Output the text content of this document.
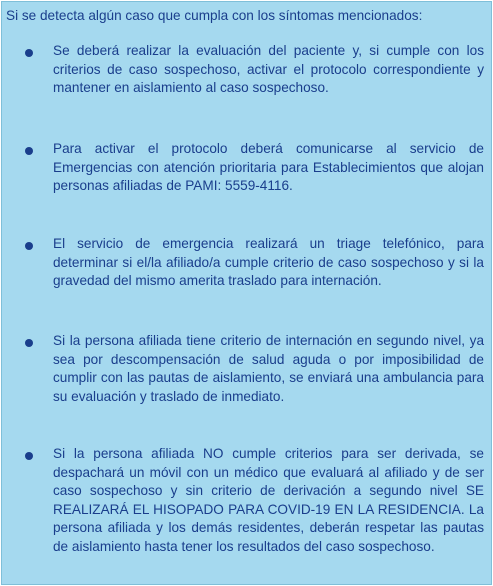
Si se detecta algún caso que cumpla con los síntomas mencionados:
Se deberá realizar la evaluación del paciente y, si cumple con los criterios de caso sospechoso, activar el protocolo correspondiente y mantener en aislamiento al caso sospechoso.
Para activar el protocolo deberá comunicarse al servicio de Emergencias con atención prioritaria para Establecimientos que alojan personas afiliadas de PAMI: 5559-4116.
El servicio de emergencia realizará un triage telefónico, para determinar si el/la afiliado/a cumple criterio de caso sospechoso y si la gravedad del mismo amerita traslado para internación.
Si la persona afiliada tiene criterio de internación en segundo nivel, ya sea por descompensación de salud aguda o por imposibilidad de cumplir con las pautas de aislamiento, se enviará una ambulancia para su evaluación y traslado de inmediato.
Si la persona afiliada NO cumple criterios para ser derivada, se despachará un móvil con un médico que evaluará al afiliado y de ser caso sospechoso y sin criterio de derivación a segundo nivel SE REALIZARÁ EL HISOPADO PARA COVID-19 EN LA RESIDENCIA. La persona afiliada y los demás residentes, deberán respetar las pautas de aislamiento hasta tener los resultados del caso sospechoso.
